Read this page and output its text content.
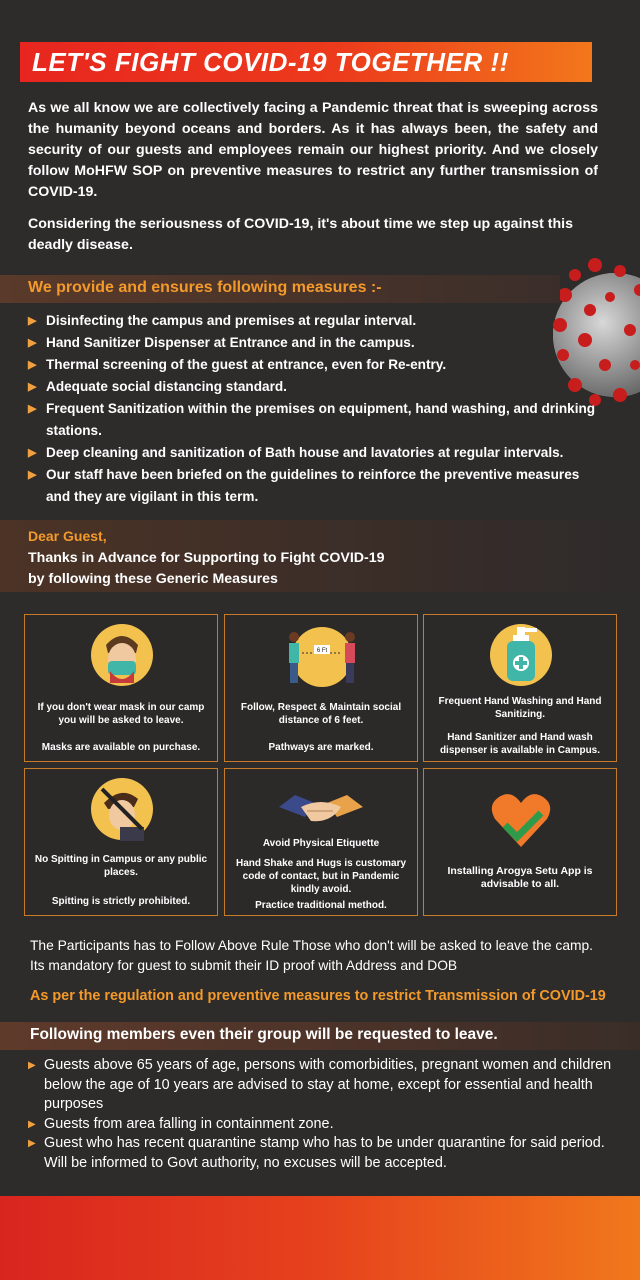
LET'S FIGHT COVID-19 TOGETHER !!
As we all know we are collectively facing a Pandemic threat that is sweeping across the humanity beyond oceans and borders. As it has always been, the safety and security of our guests and employees remain our highest priority. And we closely follow MoHFW SOP on preventive measures to restrict any further transmission of COVID-19.
Considering the seriousness of COVID-19, it's about time we step up against this deadly disease.
We provide and ensures following measures :-
▶ Disinfecting the campus and premises at regular interval.
▶ Hand Sanitizer Dispenser at Entrance and in the campus.
▶ Thermal screening of the guest at entrance, even for Re-entry.
▶ Adequate social distancing standard.
▶ Frequent Sanitization within the premises on equipment, hand washing, and drinking stations.
▶ Deep cleaning and sanitization of Bath house and lavatories at regular intervals.
▶ Our staff have been briefed on the guidelines to reinforce the preventive measures and they are vigilant in this term.
Dear Guest,
Thanks in Advance for Supporting to Fight COVID-19
by following these Generic Measures
If you don't wear mask in our camp you will be asked to leave.
Masks are available on purchase.
6 Ft
Follow, Respect & Maintain social distance of 6 feet.
Pathways are marked.
Frequent Hand Washing and Hand Sanitizing.
Hand Sanitizer and Hand wash dispenser is available in Campus.
No Spitting in Campus or any public places.
Spitting is strictly prohibited.
Avoid Physical Etiquette
Hand Shake and Hugs is customary code of contact, but in Pandemic kindly avoid.
Practice traditional method.
Installing Arogya Setu App is advisable to all.
The Participants has to Follow Above Rule Those who don't will be asked to leave the camp.
Its mandatory for guest to submit their ID proof with Address and DOB
As per the regulation and preventive measures to restrict Transmission of COVID-19
Following members even their group will be requested to leave.
▶ Guests above 65 years of age, persons with comorbidities, pregnant women and children below the age of 10 years are advised to stay at home, except for essential and health purposes
▶ Guests from area falling in containment zone.
▶ Guest who has recent quarantine stamp who has to be under quarantine for said period. Will be informed to Govt authority, no excuses will be accepted.
